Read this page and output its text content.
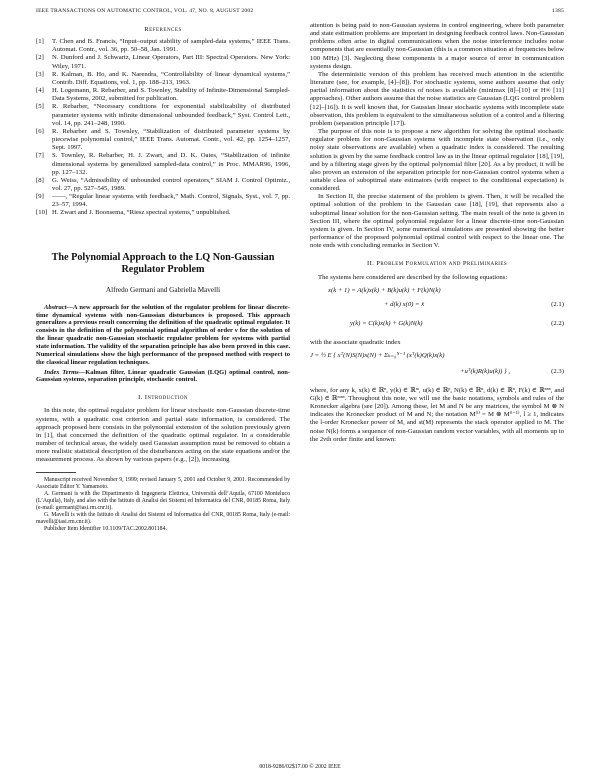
IEEE TRANSACTIONS ON AUTOMATIC CONTROL, VOL. 47, NO. 8, AUGUST 2002	1385
References
[1]	T. Chen and B. Francis, “Input–output stability of sampled-data systems,” IEEE Trans. Automat. Contr., vol. 36, pp. 50–58, Jan. 1991.
[2]	N. Dunford and J. Schwartz, Linear Operators, Part III: Spectral Operators. New York: Wiley, 1971.
[3]	R. Kalman, B. Ho, and K. Narendra, “Controllability of linear dynamical systems,” Contrib. Diff. Equations, vol. 1, pp. 188–213, 1963.
[4]	H. Logemann, R. Rebarber, and S. Townley, Stability of Infinite-Dimensional Sampled-Data Systems, 2002, submitted for publication.
[5]	R. Rebarber, “Necessary conditions for exponential stabilizability of distributed parameter systems with infinite dimensional unbounded feedback,” Syst. Control Lett., vol. 14, pp. 241–248, 1990.
[6]	R. Rebarber and S. Townley, “Stabilization of distributed parameter systems by piecewise polynomial control,” IEEE Trans. Automat. Contr., vol. 42, pp. 1254–1257, Sept. 1997.
[7]	S. Townley, R. Rebarber, H. J. Zwart, and D. K. Oates, “Stabilization of infinite dimensional systems by generalized sampled-data control,” in Proc. MMAR96, 1996, pp. 127–132.
[8]	G. Weiss, “Admissibility of unbounded control operators,” SIAM J. Control Optimiz., vol. 27, pp. 527–545, 1989.
[9]	——, “Regular linear systems with feedback,” Math. Control, Signals, Syst., vol. 7, pp. 23–57, 1994.
[10] H. Zwart and J. Boonsema, “Riesz spectral systems,” unpublished.
The Polynomial Approach to the LQ Non-Gaussian
Regulator Problem
Alfredo Germani and Gabriella Mavelli
Abstract—A new approach for the solution of the regulator problem for linear discrete-time dynamical systems with non-Gaussian disturbances is proposed. This approach generalizes a previous result concerning the definition of the quadratic optimal regulator. It consists in the definition of the polynomial optimal algorithm of order ν for the solution of the linear quadratic non-Gaussian stochastic regulator problem for systems with partial state information. The validity of the separation principle has also been proved in this case. Numerical simulations show the high performance of the proposed method with respect to the classical linear regulation techniques.
Index Terms—Kalman filter, Linear quadratic Gaussian (LQG) optimal control, non-Gaussian systems, separation principle, stochastic control.
I. Introduction

In this note, the optimal regulator problem for linear stochastic non-Gaussian discrete-time systems, with a quadratic cost criterion and partial state information, is considered. The approach proposed here consists in the polynomial extension of the solution previously given in [1], that concerned the definition of the quadratic optimal regulator. In a considerable number of technical areas, the widely used Gaussian assumption must be removed to obtain a more realistic statistical description of the disturbances acting on the state equations and/or the measurement process. As shown by various papers (e.g., [2]), increasing

Manuscript received November 9, 1999; revised January 5, 2001 and October 9, 2001. Recommended by Associate Editor Y. Yamamoto.
A. Germani is with the Dipartimento di Ingegneria Elettrica, Università dell’Aquila, 67100 Monteluco (L’Aquila), Italy, and also with the Istituto di Analisi dei Sistemi ed Informatica del CNR, 00185 Roma, Italy (e-mail: germani@iasi.rm.cnr.it).
G. Mavelli is with the Istituto di Analisi dei Sistemi ed Informatica del CNR, 00185 Roma, Italy (e-mail: mavelli@iasi.rm.cnr.it).
Publisher Item Identifier 10.1109/TAC.2002.801184.

attention is being paid to non-Gaussian systems in control engineering, where both parameter and state estimation problems are important in designing feedback control laws. Non-Gaussian problems often arise in digital communications when the noise interference includes noise components that are essentially non-Gaussian (this is a common situation at frequencies below 100 MHz) [3]. Neglecting these components is a major source of error in communication systems design.

The deterministic version of this problem has received much attention in the scientific literature (see, for example, [4]–[8]). For stochastic systems, some authors assume that only partial information about the statistics of noises is available (minimax [8]–[10] or H∞ [11] approaches). Other authors assume that the noise statistics are Gaussian (LQG control problem [12]–[16]). It is well known that, for Gaussian linear stochastic systems with incomplete state observation, this problem is equivalent to the simultaneous solution of a control and a filtering problem (separation principle [17]).

The purpose of this note is to propose a new algorithm for solving the optimal stochastic regulator problem for non-Gaussian systems with incomplete state observation (i.e., only noisy state observations are available) when a quadratic index is considered. The resulting solution is given by the same feedback control law as in the linear optimal regulator [18], [19], and by a filtering stage given by the optimal polynomial filter [20]. As a by product, it will be also proven an extension of the separation principle for non-Gaussian control systems when a suitable class of suboptimal state estimators (with respect to the conditional expectation) is considered.

In Section II, the precise statement of the problem is given. Then, it will be recalled the optimal solution of the problem in the Gaussian case [18], [19], that represents also a suboptimal linear solution for the non-Gaussian setting. The main result of the note is given in Section III, where the optimal polynomial regulator for a linear discrete-time non-Gaussian system is given. In Section IV, some numerical simulations are presented showing the better performance of the proposed polynomial optimal control with respect to the linear one. The note ends with concluding remarks in Section V.

II. Problem Formulation and Preliminaries

The systems here considered are described by the following equations:

x(k + 1) = A(k)x(k) + B(k)u(k) + F(k)N(k)
+ d(k) x(0) = x̄	(2.1)
y(k) = C(k)x(k) + G(k)N(k)	(2.2)

with the associate quadratic index

J = ½ E { xᵀ(N)S(N)x(N) + Σₖ₌₀ᴺ⁻¹ (xᵀ(k)Q(k)x(k)
+uᵀ(k)R(k)u(k)) } ,	(2.3)

where, for any k, x(k) ∈ ℝⁿ, y(k) ∈ ℝᵐ, u(k) ∈ ℝᵖ, N(k) ∈ ℝⁿ, d(k) ∈ ℝⁿ, F(k) ∈ ℝⁿˣⁿ, and G(k) ∈ ℝᵐˣⁿ. Throughout this note, we will use the basic notations, symbols and rules of the Kronecker algebra (see [20]). Among these, let M and N be any matrices, the symbol M ⊗ N indicates the Kronecker product of M and N; the notation M⁽ˡ⁾ = M ⊗ M⁽ˡ⁻¹⁾, l ≥ 1, indicates the l-order Kronecker power of M, and st(M) represents the stack operator applied to M. The noise N(k) forms a sequence of non-Gaussian random vector variables, with all moments up to the 2νth order finite and known:

0018-9286/02$17.00 © 2002 IEEE
